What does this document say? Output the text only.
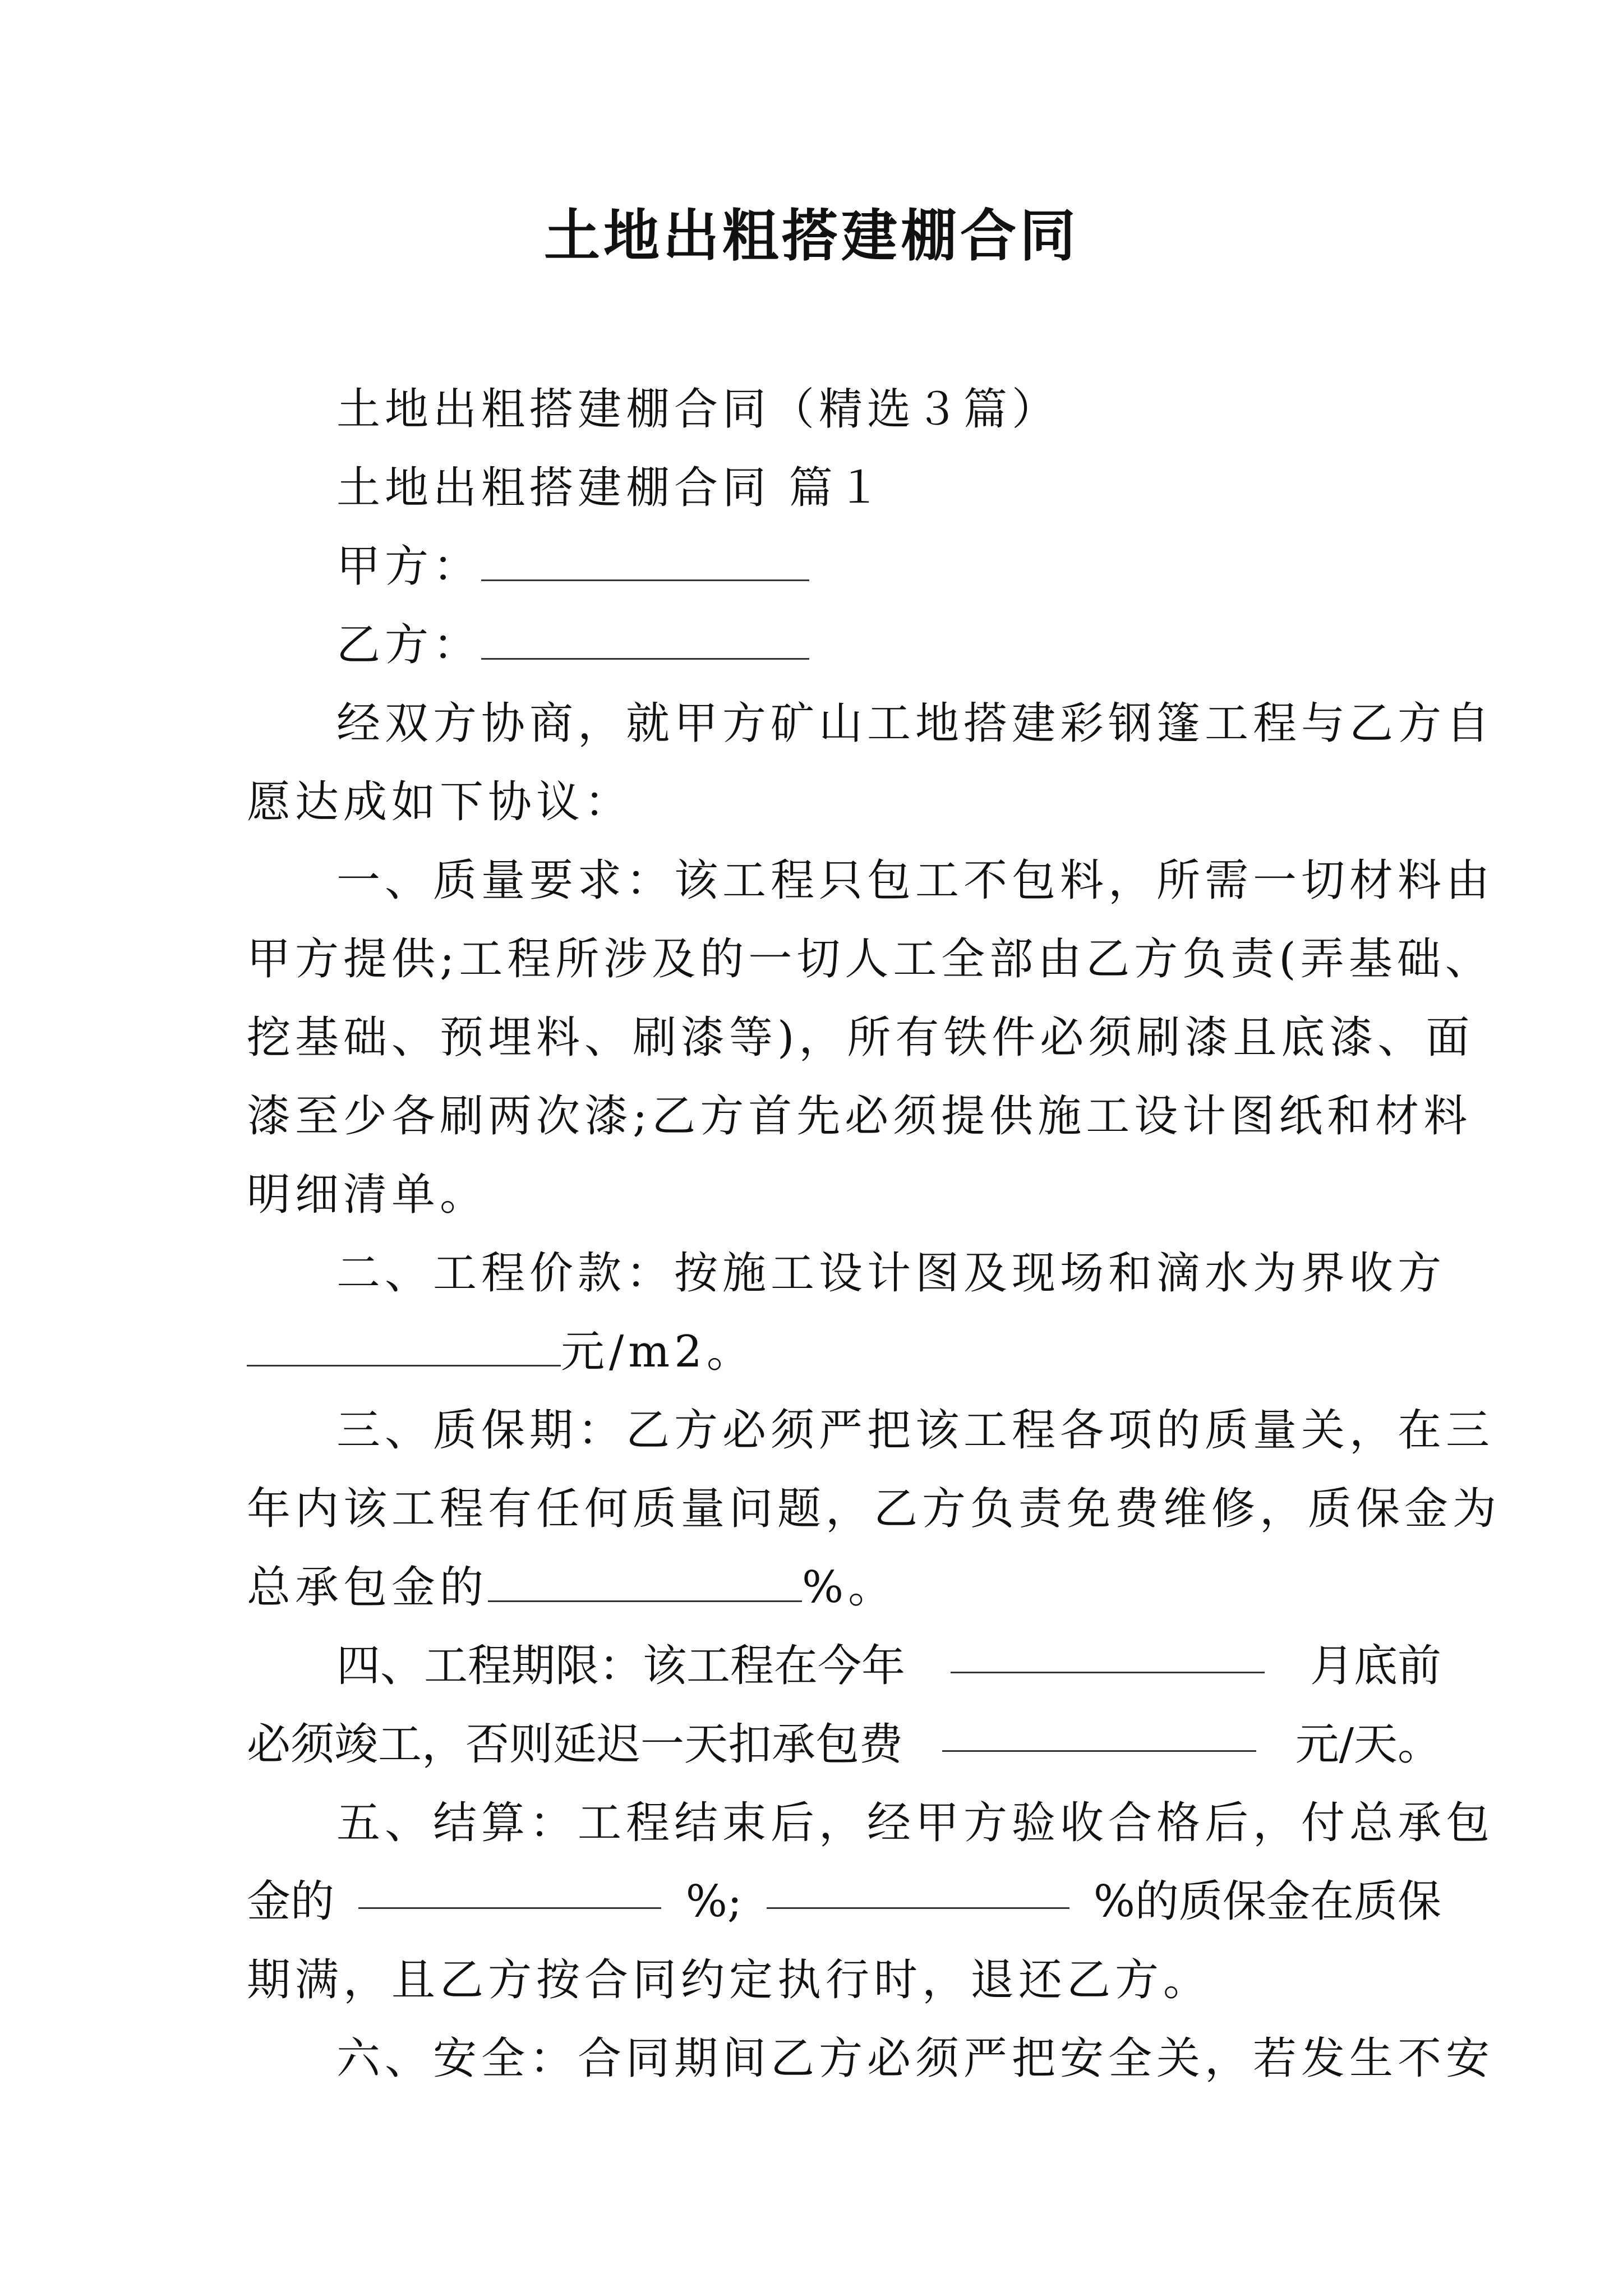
土地出粗搭建棚合同
土地出粗搭建棚合同（精选３篇）
土地出粗搭建棚合同 篇１
甲方：
乙方：
经双方协商，就甲方矿山工地搭建彩钢篷工程与乙方自
愿达成如下协议：
一、质量要求：该工程只包工不包料，所需一切材料由
甲方提供;工程所涉及的一切人工全部由乙方负责(弄基础、
挖基础、预埋料、刷漆等)，所有铁件必须刷漆且底漆、面
漆至少各刷两次漆;乙方首先必须提供施工设计图纸和材料
明细清单。
二、工程价款：按施工设计图及现场和滴水为界收方
元/m2。
三、质保期：乙方必须严把该工程各项的质量关，在三
年内该工程有任何质量问题，乙方负责免费维修，质保金为
总承包金的	%。
四、工程期限：该工程在今年	月底前
必须竣工，否则延迟一天扣承包费	元/天。
五、结算：工程结束后，经甲方验收合格后，付总承包
金的	%;	%的质保金在质保
期满，且乙方按合同约定执行时，退还乙方。
六、安全：合同期间乙方必须严把安全关，若发生不安
